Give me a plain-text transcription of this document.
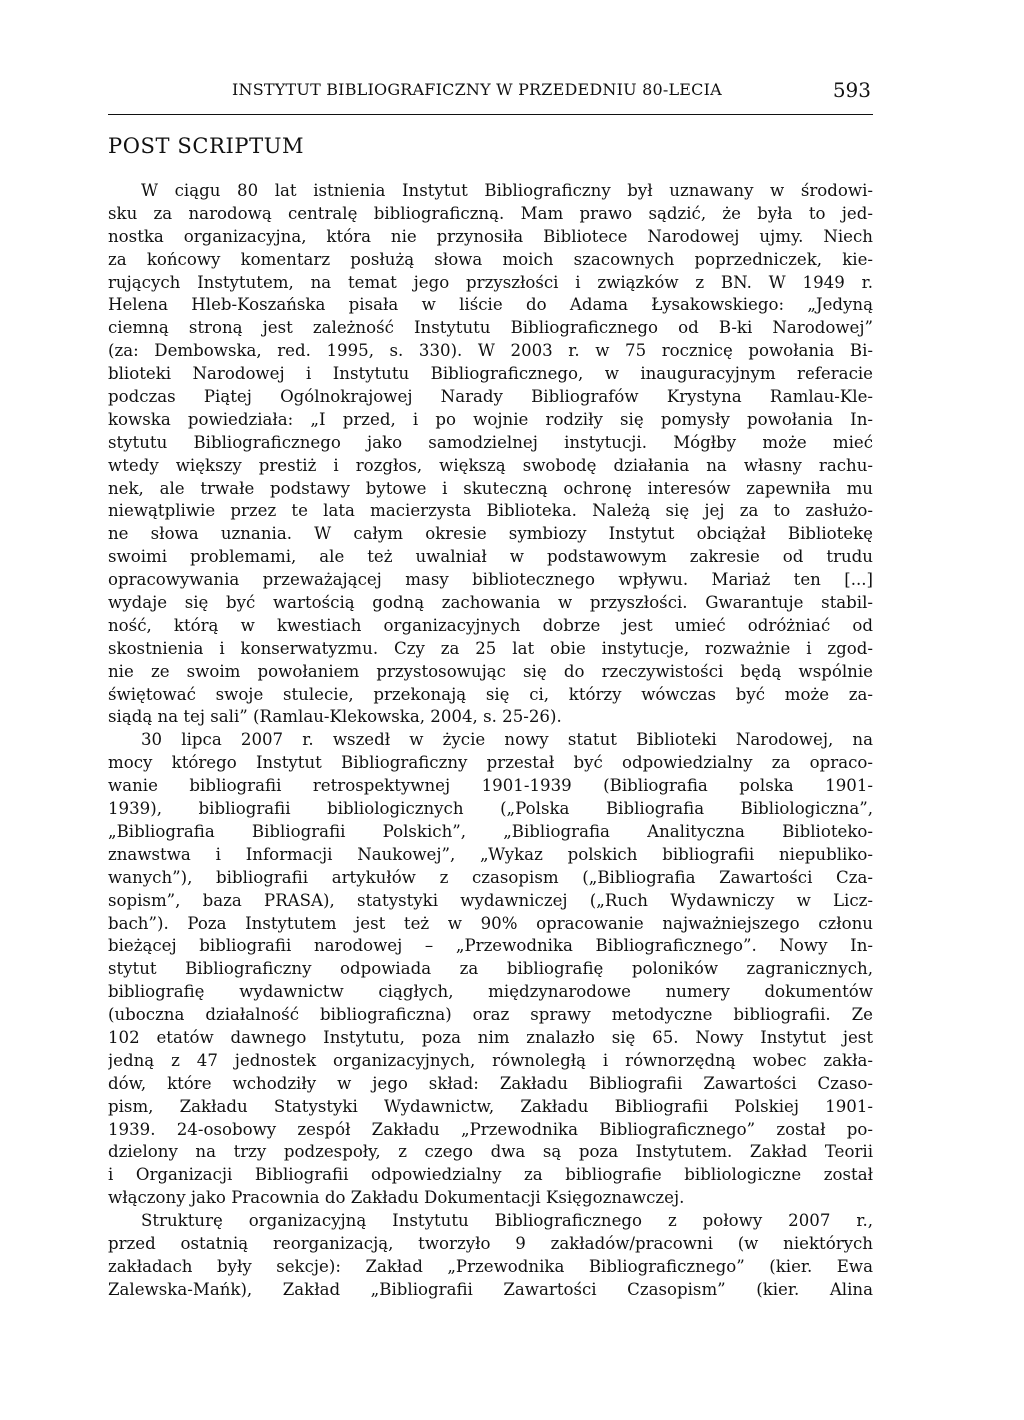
INSTYTUT BIBLIOGRAFICZNY W PRZEDEDNIU 80-LECIA	593
POST SCRIPTUM
W ciągu 80 lat istnienia Instytut Bibliograficzny był uznawany w środowi-
sku za narodową centralę bibliograficzną. Mam prawo sądzić, że była to jed-
nostka organizacyjna, która nie przynosiła Bibliotece Narodowej ujmy. Niech
za końcowy komentarz posłużą słowa moich szacownych poprzedniczek, kie-
rujących Instytutem, na temat jego przyszłości i związków z BN. W 1949 r.
Helena Hleb-Koszańska pisała w liście do Adama Łysakowskiego: „Jedyną
ciemną stroną jest zależność Instytutu Bibliograficznego od B-ki Narodowej”
(za: Dembowska, red. 1995, s. 330). W 2003 r. w 75 rocznicę powołania Bi-
blioteki Narodowej i Instytutu Bibliograficznego, w inauguracyjnym referacie
podczas Piątej Ogólnokrajowej Narady Bibliografów Krystyna Ramlau-Kle-
kowska powiedziała: „I przed, i po wojnie rodziły się pomysły powołania In-
stytutu Bibliograficznego jako samodzielnej instytucji. Mógłby może mieć
wtedy większy prestiż i rozgłos, większą swobodę działania na własny rachu-
nek, ale trwałe podstawy bytowe i skuteczną ochronę interesów zapewniła mu
niewątpliwie przez te lata macierzysta Biblioteka. Należą się jej za to zasłużo-
ne słowa uznania. W całym okresie symbiozy Instytut obciążał Bibliotekę
swoimi problemami, ale też uwalniał w podstawowym zakresie od trudu
opracowywania przeważającej masy bibliotecznego wpływu. Mariaż ten [...]
wydaje się być wartością godną zachowania w przyszłości. Gwarantuje stabil-
ność, którą w kwestiach organizacyjnych dobrze jest umieć odróżniać od
skostnienia i konserwatyzmu. Czy za 25 lat obie instytucje, rozważnie i zgod-
nie ze swoim powołaniem przystosowując się do rzeczywistości będą wspólnie
świętować swoje stulecie, przekonają się ci, którzy wówczas być może za-
siądą na tej sali” (Ramlau-Klekowska, 2004, s. 25-26).
30 lipca 2007 r. wszedł w życie nowy statut Biblioteki Narodowej, na
mocy którego Instytut Bibliograficzny przestał być odpowiedzialny za opraco-
wanie bibliografii retrospektywnej 1901-1939 (Bibliografia polska 1901-
1939), bibliografii bibliologicznych („Polska Bibliografia Bibliologiczna”,
„Bibliografia Bibliografii Polskich”, „Bibliografia Analityczna Biblioteko-
znawstwa i Informacji Naukowej”, „Wykaz polskich bibliografii niepubliko-
wanych”), bibliografii artykułów z czasopism („Bibliografia Zawartości Cza-
sopism”, baza PRASA), statystyki wydawniczej („Ruch Wydawniczy w Licz-
bach”). Poza Instytutem jest też w 90% opracowanie najważniejszego członu
bieżącej bibliografii narodowej – „Przewodnika Bibliograficznego”. Nowy In-
stytut Bibliograficzny odpowiada za bibliografię poloników zagranicznych,
bibliografię wydawnictw ciągłych, międzynarodowe numery dokumentów
(uboczna działalność bibliograficzna) oraz sprawy metodyczne bibliografii. Ze
102 etatów dawnego Instytutu, poza nim znalazło się 65. Nowy Instytut jest
jedną z 47 jednostek organizacyjnych, równoległą i równorzędną wobec zakła-
dów, które wchodziły w jego skład: Zakładu Bibliografii Zawartości Czaso-
pism, Zakładu Statystyki Wydawnictw, Zakładu Bibliografii Polskiej 1901-
1939. 24-osobowy zespół Zakładu „Przewodnika Bibliograficznego” został po-
dzielony na trzy podzespoły, z czego dwa są poza Instytutem. Zakład Teorii
i Organizacji Bibliografii odpowiedzialny za bibliografie bibliologiczne został
włączony jako Pracownia do Zakładu Dokumentacji Księgoznawczej.
Strukturę organizacyjną Instytutu Bibliograficznego z połowy 2007 r.,
przed ostatnią reorganizacją, tworzyło 9 zakładów/pracowni (w niektórych
zakładach były sekcje): Zakład „Przewodnika Bibliograficznego” (kier. Ewa
Zalewska-Mańk), Zakład „Bibliografii Zawartości Czasopism” (kier. Alina
